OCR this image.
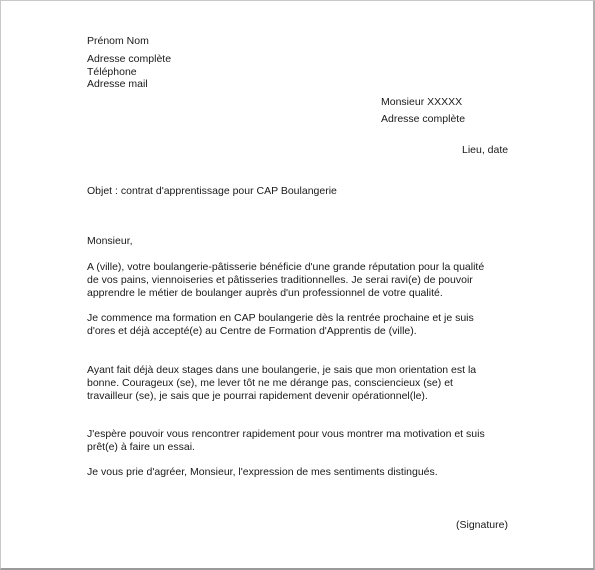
Prénom Nom
Adresse complète
Téléphone
Adresse mail
Monsieur XXXXX
Adresse complète
Lieu, date
Objet : contrat d'apprentissage pour CAP Boulangerie
Monsieur,
A (ville), votre boulangerie-pâtisserie bénéficie d'une grande réputation pour la qualité
de vos pains, viennoiseries et pâtisseries traditionnelles. Je serai ravi(e) de pouvoir
apprendre le métier de boulanger auprès d'un professionnel de votre qualité.
Je commence ma formation en CAP boulangerie dès la rentrée prochaine et je suis
d'ores et déjà accepté(e) au Centre de Formation d'Apprentis de (ville).
Ayant fait déjà deux stages dans une boulangerie, je sais que mon orientation est la
bonne. Courageux (se), me lever tôt ne me dérange pas, consciencieux (se) et
travailleur (se), je sais que je pourrai rapidement devenir opérationnel(le).
J'espère pouvoir vous rencontrer rapidement pour vous montrer ma motivation et suis
prêt(e) à faire un essai.
Je vous prie d'agréer, Monsieur, l'expression de mes sentiments distingués.
(Signature)
